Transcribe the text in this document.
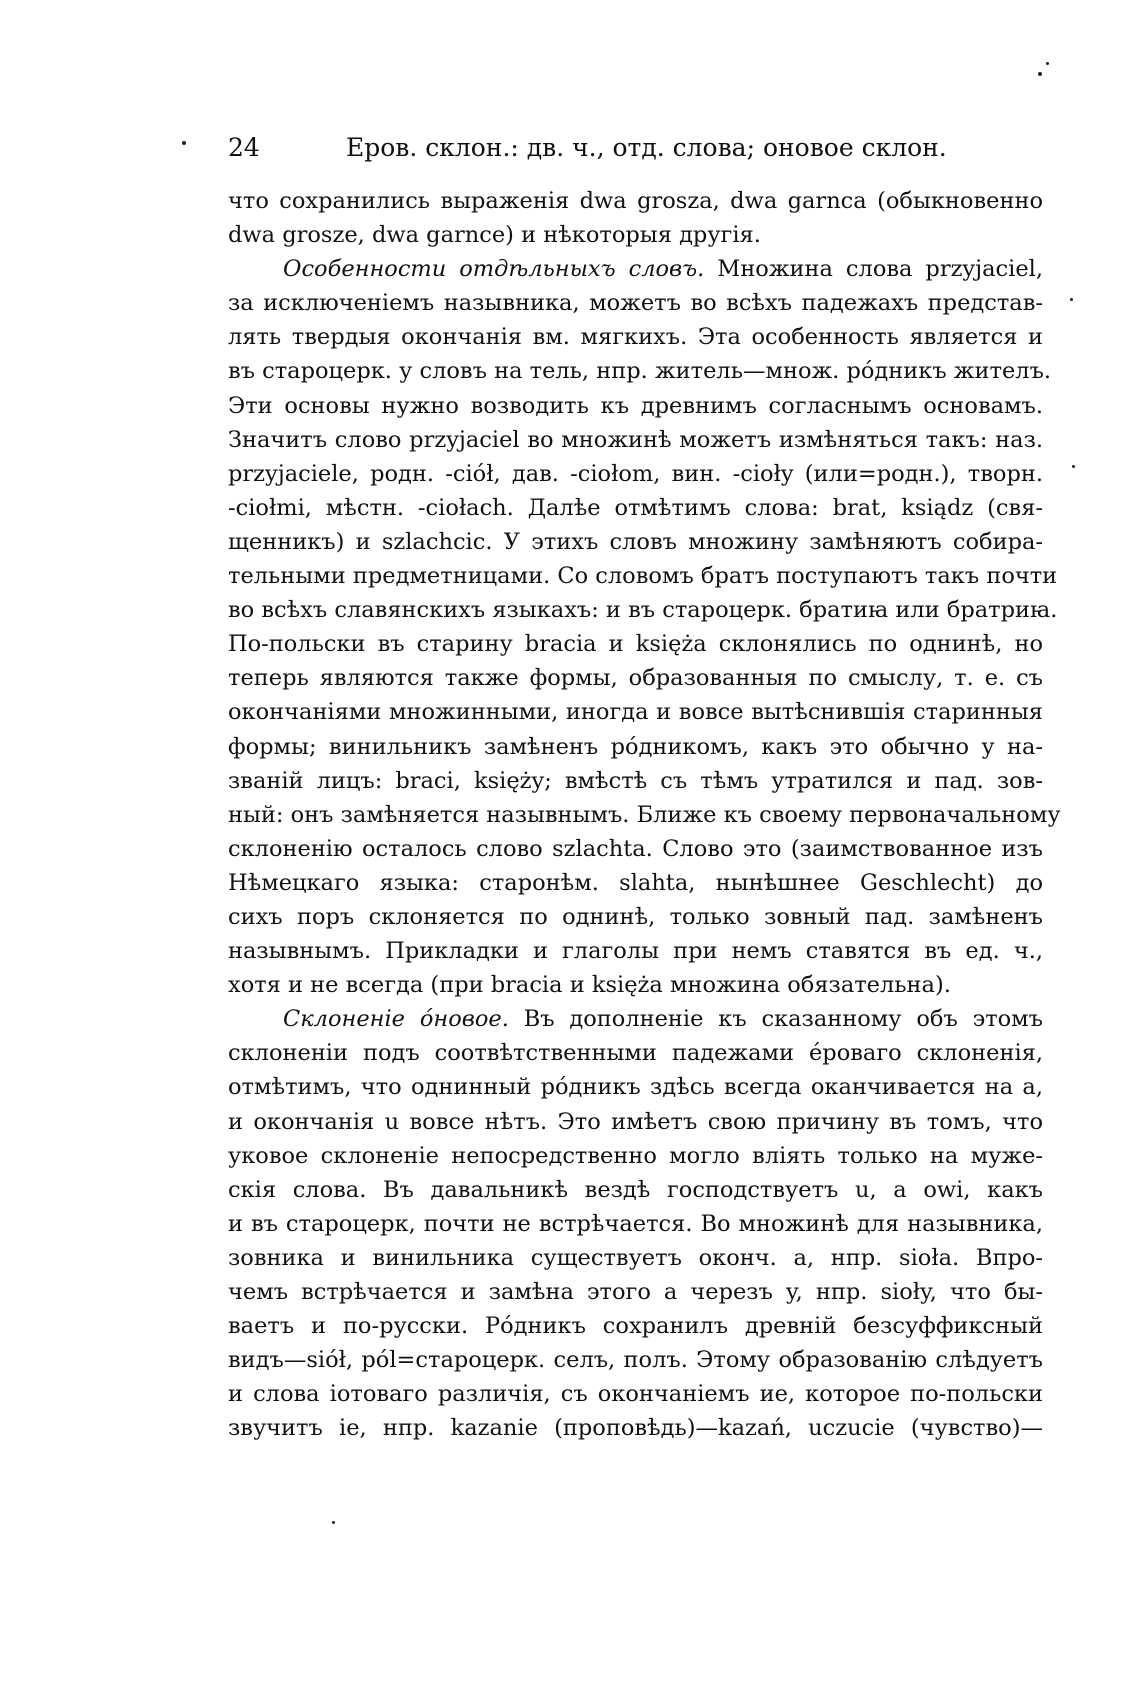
24	Еров. склон.: дв. ч., отд. слова; оновое склон.
что сохранились выраженія dwa grosza, dwa garnca (обыкновенно
dwa grosze, dwa garnce) и нѣкоторыя другія.
Особенности отдѣльныхъ словъ. Множина слова przyjaciel,
за исключеніемъ назывника, можетъ во всѣхъ падежахъ представ-
лять твердыя окончанія вм. мягкихъ. Эта особенность является и
въ староцерк. у словъ на тель, нпр. житель—множ. рóдникъ жителъ.
Эти основы нужно возводить къ древнимъ согласнымъ основамъ.
Значитъ слово przyjaciel во множинѣ можетъ измѣняться такъ: наз.
przyjaciele, родн. -ciół, дав. -ciołom, вин. -cioły (или=родн.), творн.
-ciołmi, мѣстн. -ciołach. Далѣе отмѣтимъ слова: brat, ksiądz (свя-
щенникъ) и szlachcic. У этихъ словъ множину замѣняютъ собира-
тельными предметницами. Со словомъ братъ поступаютъ такъ почти
во всѣхъ славянскихъ языкахъ: и въ староцерк. братиꙗ или братриꙗ.
По-польски въ старину bracia и księża склонялись по однинѣ, но
теперь являются также формы, образованныя по смыслу, т. е. съ
окончаніями множинными, иногда и вовсе вытѣснившія старинныя
формы; винильникъ замѣненъ рóдникомъ, какъ это обычно у на-
званій лицъ: braci, księży; вмѣстѣ съ тѣмъ утратился и пад. зов-
ный: онъ замѣняется назывнымъ. Ближе къ своему первоначальному
склоненію осталось слово szlachta. Слово это (заимствованное изъ
Нѣмецкаго языка: старонѣм. slahta, нынѣшнее Geschlecht) до
сихъ поръ склоняется по однинѣ, только зовный пад. замѣненъ
назывнымъ. Прикладки и глаголы при немъ ставятся въ ед. ч.,
хотя и не всегда (при bracia и księża множина обязательна).
Склоненіе óновое. Въ дополненіе къ сказанному объ этомъ
склоненіи подъ соотвѣтственными падежами éроваго склоненія,
отмѣтимъ, что однинный рóдникъ здѣсь всегда оканчивается на a,
и окончанія u вовсе нѣтъ. Это имѣетъ свою причину въ томъ, что
уковое склоненіе непосредственно могло вліять только на муже-
скія слова. Въ давальникѣ вездѣ господствуетъ u, а owi, какъ
и въ староцерк, почти не встрѣчается. Во множинѣ для назывника,
зовника и винильника существуетъ оконч. a, нпр. sioła. Впро-
чемъ встрѣчается и замѣна этого a черезъ y, нпр. sioły, что бы-
ваетъ и по-русски. Рóдникъ сохранилъ древній безсуффиксный
видъ—siół, pól=староцерк. селъ, полъ. Этому образованію слѣдуетъ
и слова iотоваго различія, съ окончаніемъ ие, которое по-польски
звучитъ ie, нпр. kazanie (проповѣдь)—kazań, uczucie (чувство)—
